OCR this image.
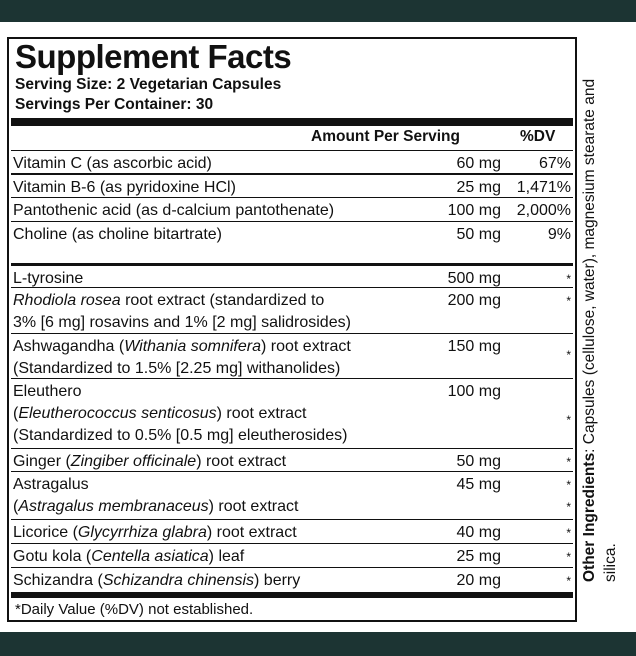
Supplement Facts
Serving Size: 2 Vegetarian Capsules
Servings Per Container: 30
Amount Per Serving	%DV
Vitamin C (as ascorbic acid)	60 mg	67%
Vitamin B-6 (as pyridoxine HCl)	25 mg 1,471%
Pantothenic acid (as d-calcium pantothenate)	100 mg 2,000%
Choline (as choline bitartrate)	50 mg	9%
L-tyrosine	500 mg	*
Rhodiola rosea root extract (standardized to
3% [6 mg] rosavins and 1% [2 mg] salidrosides)
200 mg	*
Ashwagandha (Withania somnifera) root extract
(Standardized to 1.5% [2.25 mg] withanolides)
150 mg	*
Eleuthero
(Eleutherococcus senticosus) root extract
(Standardized to 0.5% [0.5 mg] eleutherosides)
100 mg
*
Ginger (Zingiber officinale) root extract	50 mg	*
Astragalus
(Astragalus membranaceus) root extract
45 mg	*
*
Licorice (Glycyrrhiza glabra) root extract	40 mg	*
Gotu kola (Centella asiatica) leaf	25 mg	*
Schizandra (Schizandra chinensis) berry	20 mg	*
*Daily Value (%DV) not established.
Other Ingredients: Capsules (cellulose, water), magnesium stearate and silica.
